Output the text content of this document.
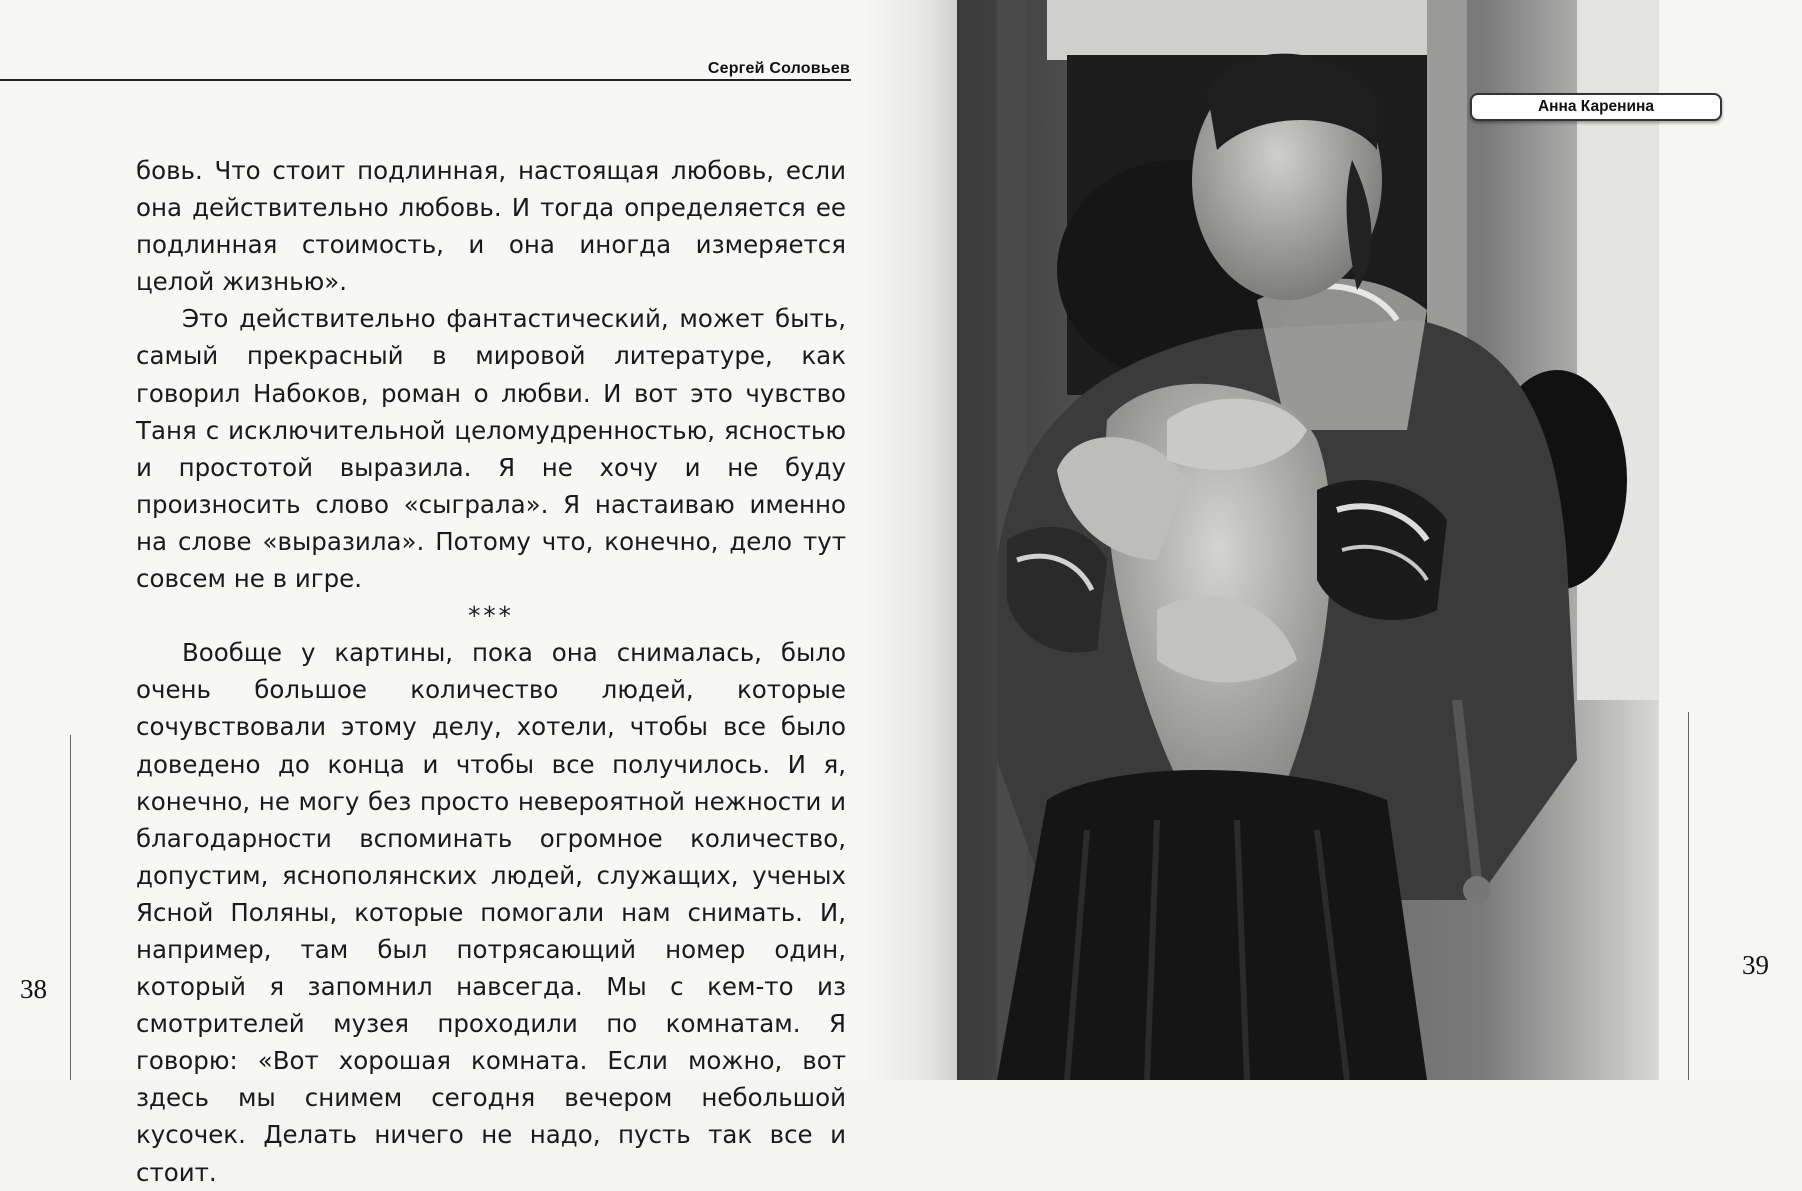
Сергей Соловьев

бовь. Что стоит подлинная, настоящая любовь, если она действительно любовь. И тогда определяется ее подлинная стоимость, и она иногда измеряется целой жизнью».

Это действительно фантастический, может быть, самый прекрасный в мировой литературе, как говорил Набоков, роман о любви. И вот это чувство Таня с исключительной целомудренностью, ясностью и простотой выразила. Я не хочу и не буду произносить слово «сыграла». Я настаиваю именно на слове «выразила». Потому что, конечно, дело тут совсем не в игре.

***

Вообще у картины, пока она снималась, было очень большое количество людей, которые сочувствовали этому делу, хотели, чтобы все было доведено до конца и чтобы все получилось. И я, конечно, не могу без просто невероятной нежности и благодарности вспоминать огромное количество, допустим, яснополянских людей, служащих, ученых Ясной Поляны, которые помогали нам снимать. И, например, там был потрясающий номер один, который я запомнил навсегда. Мы с кем-то из смотрителей музея проходили по комнатам. Я говорю: «Вот хорошая комната. Если можно, вот здесь мы снимем сегодня вечером небольшой кусочек. Делать ничего не надо, пусть так все и стоит.

38
Анна Каренина
39
